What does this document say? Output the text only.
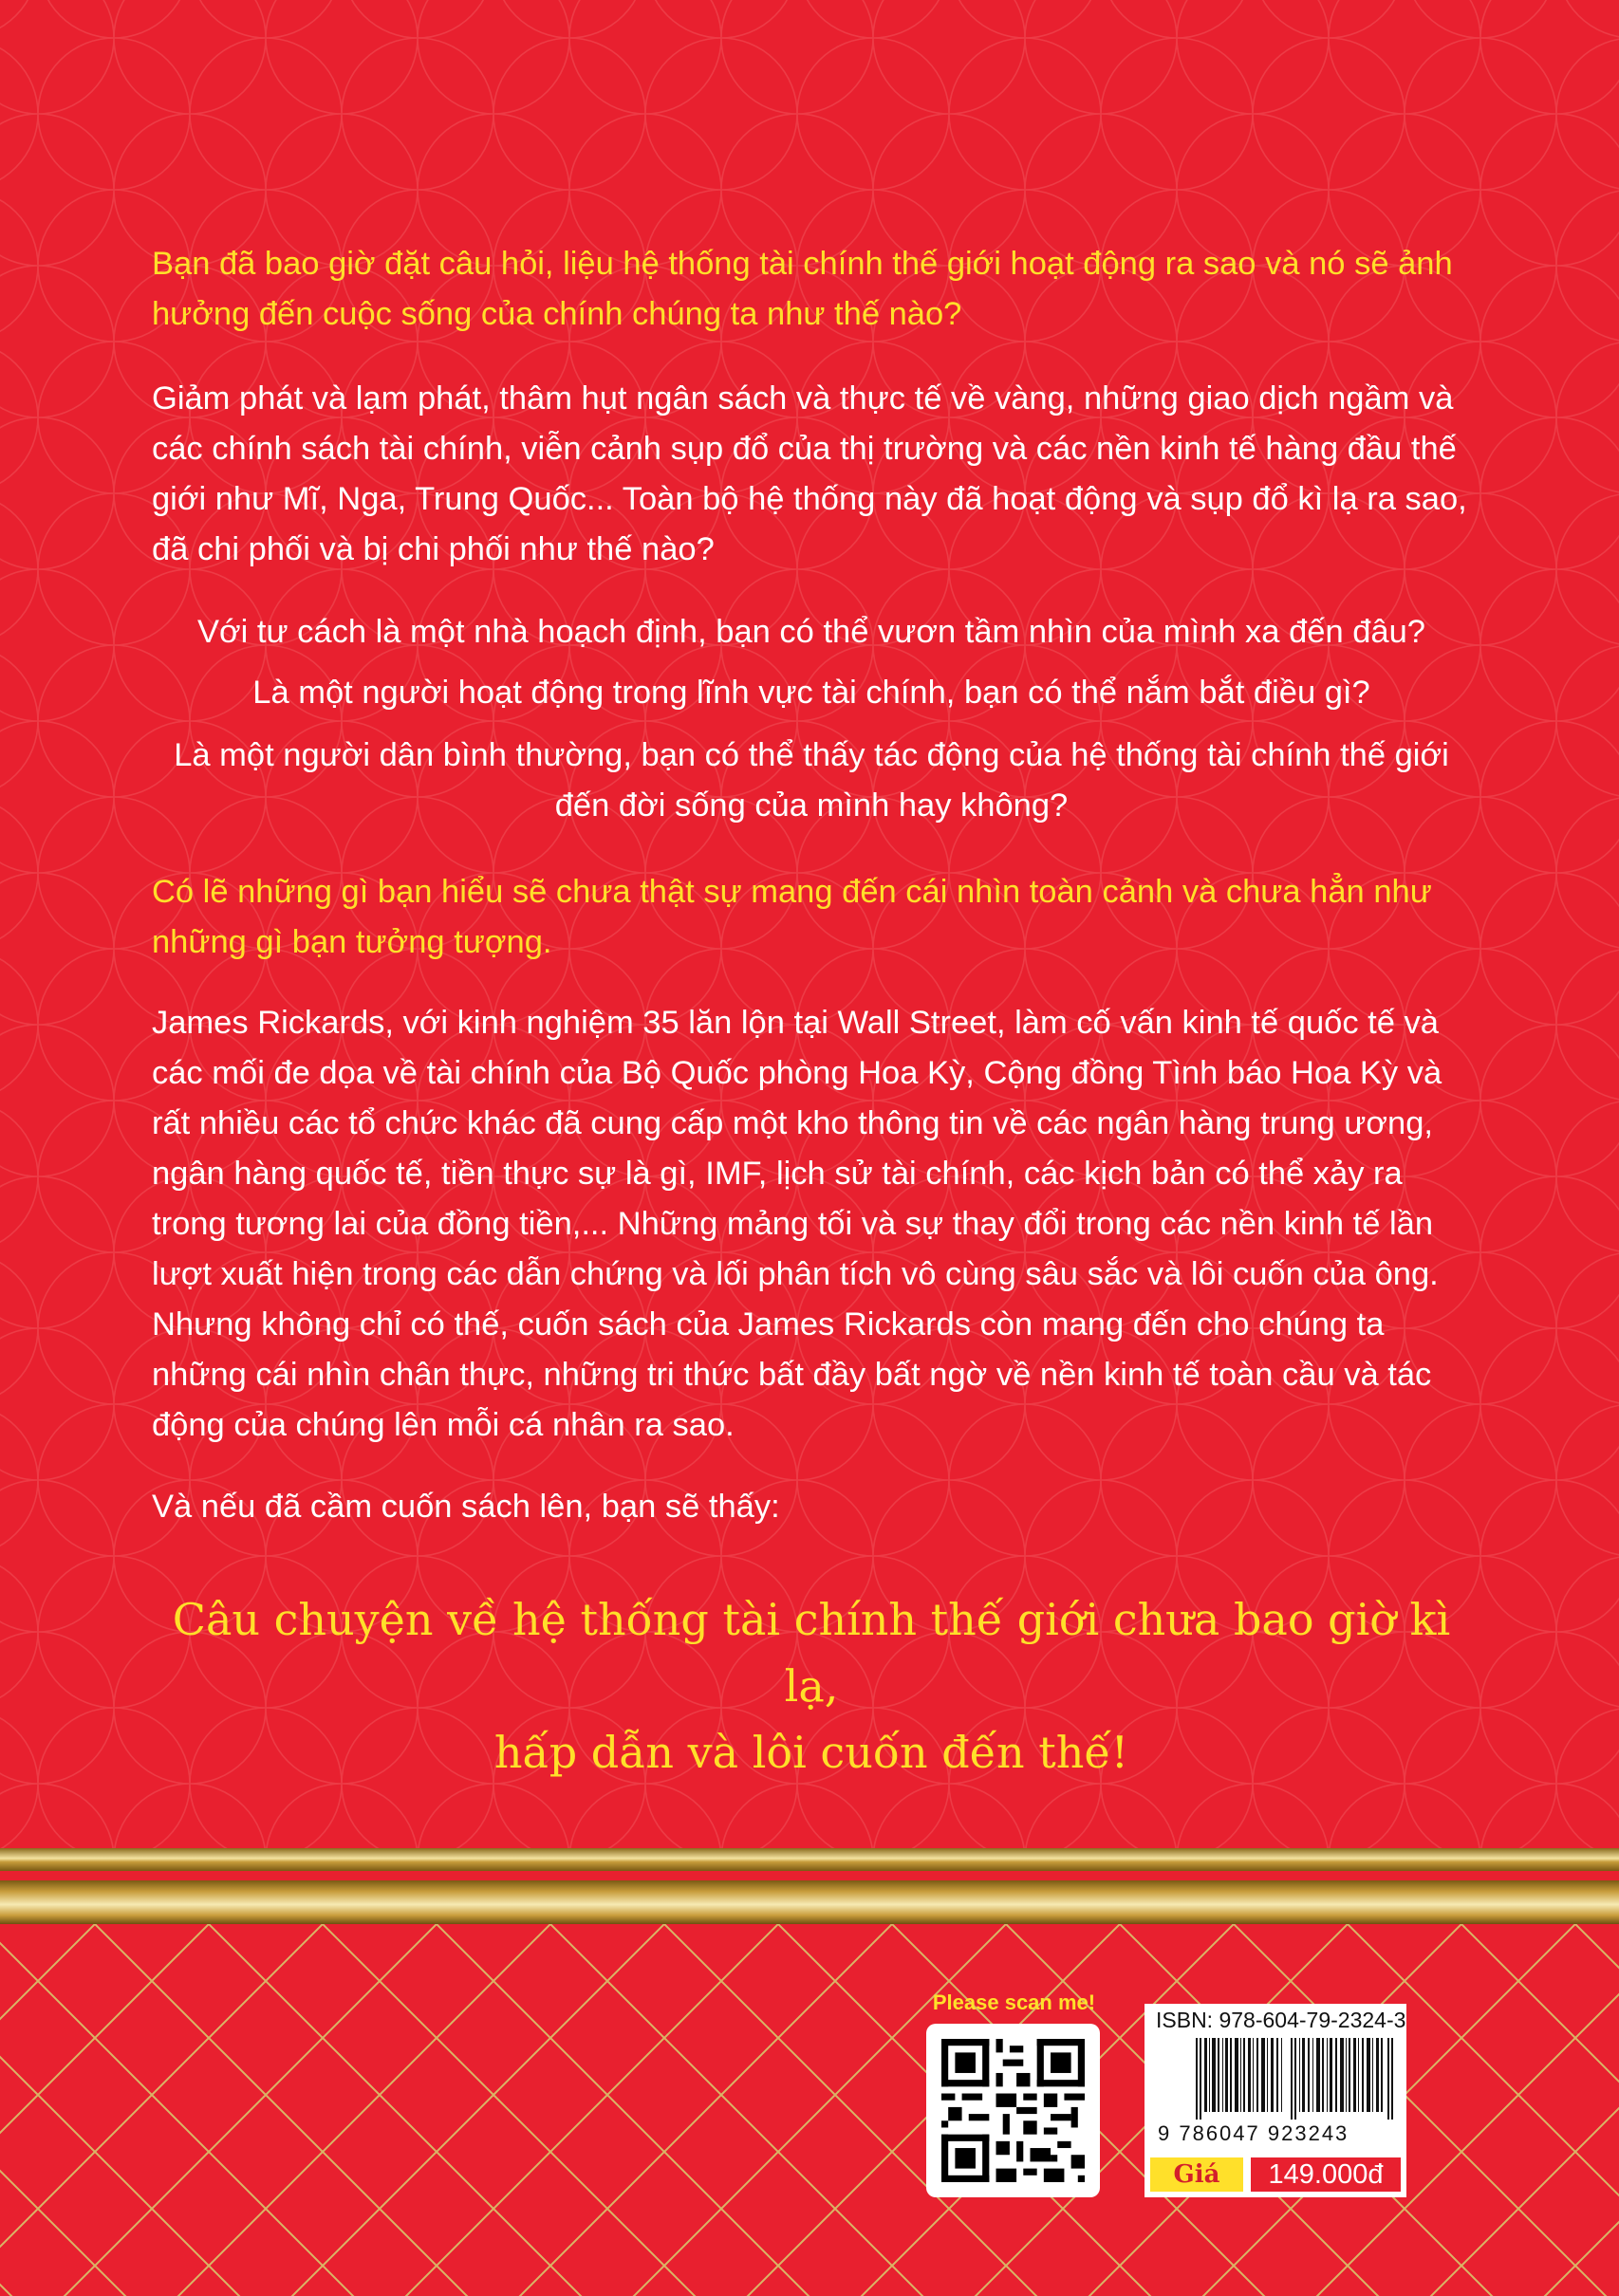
Bạn đã bao giờ đặt câu hỏi, liệu hệ thống tài chính thế giới hoạt động ra sao và nó sẽ ảnh hưởng đến cuộc sống của chính chúng ta như thế nào?

Giảm phát và lạm phát, thâm hụt ngân sách và thực tế về vàng, những giao dịch ngầm và các chính sách tài chính, viễn cảnh sụp đổ của thị trường và các nền kinh tế hàng đầu thế giới như Mĩ, Nga, Trung Quốc... Toàn bộ hệ thống này đã hoạt động và sụp đổ kì lạ ra sao, đã chi phối và bị chi phối như thế nào?

Với tư cách là một nhà hoạch định, bạn có thể vươn tầm nhìn của mình xa đến đâu?

Là một người hoạt động trong lĩnh vực tài chính, bạn có thể nắm bắt điều gì?

Là một người dân bình thường, bạn có thể thấy tác động của hệ thống tài chính thế giới đến đời sống của mình hay không?

Có lẽ những gì bạn hiểu sẽ chưa thật sự mang đến cái nhìn toàn cảnh và chưa hẳn như những gì bạn tưởng tượng.

James Rickards, với kinh nghiệm 35 lăn lộn tại Wall Street, làm cố vấn kinh tế quốc tế và các mối đe dọa về tài chính của Bộ Quốc phòng Hoa Kỳ, Cộng đồng Tình báo Hoa Kỳ và rất nhiều các tổ chức khác đã cung cấp một kho thông tin về các ngân hàng trung ương, ngân hàng quốc tế, tiền thực sự là gì, IMF, lịch sử tài chính, các kịch bản có thể xảy ra trong tương lai của đồng tiền,... Những mảng tối và sự thay đổi trong các nền kinh tế lần lượt xuất hiện trong các dẫn chứng và lối phân tích vô cùng sâu sắc và lôi cuốn của ông. Nhưng không chỉ có thế, cuốn sách của James Rickards còn mang đến cho chúng ta những cái nhìn chân thực, những tri thức bất đầy bất ngờ về nền kinh tế toàn cầu và tác động của chúng lên mỗi cá nhân ra sao.

Và nếu đã cầm cuốn sách lên, bạn sẽ thấy:

Câu chuyện về hệ thống tài chính thế giới chưa bao giờ kì lạ,
hấp dẫn và lôi cuốn đến thế!

Please scan me!
ISBN: 978-604-79-2324-3
9 786047 923243
Giá	149.000đ
